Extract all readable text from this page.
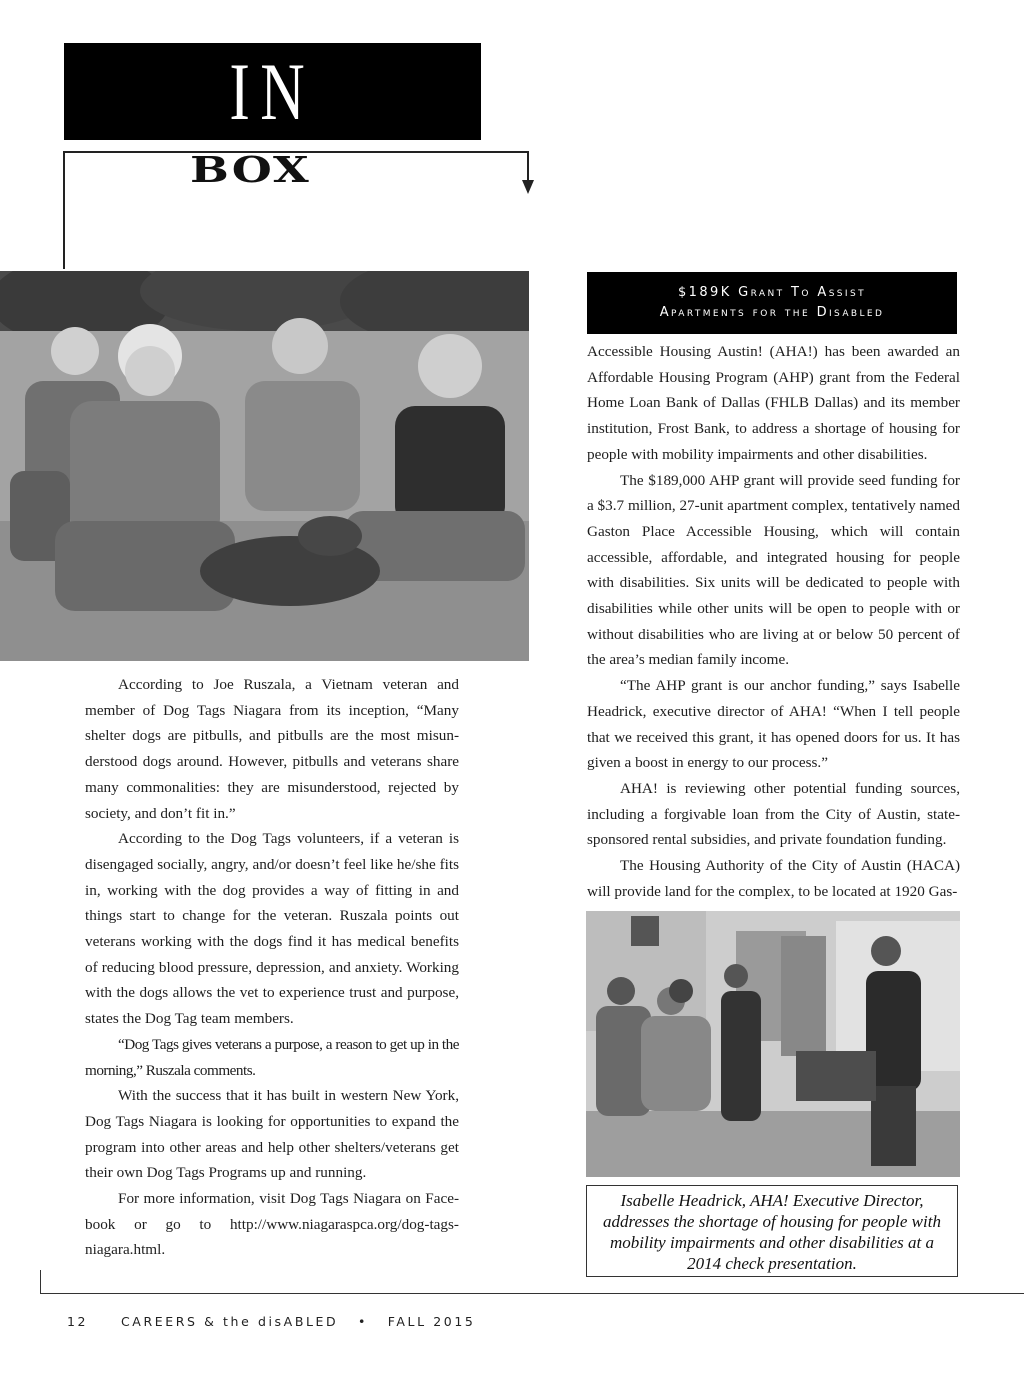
IN
BOX

According to Joe Ruszala, a Vietnam veteran and member of Dog Tags Niagara from its inception, “Many shelter dogs are pitbulls, and pitbulls are the most misunderstood dogs around. However, pitbulls and veterans share many commonalities: they are misunderstood, rejected by society, and don’t fit in.”

According to the Dog Tags volunteers, if a veteran is disengaged socially, angry, and/or doesn’t feel like he/she fits in, working with the dog provides a way of fitting in and things start to change for the veteran. Ruszala points out veterans working with the dogs find it has medical benefits of reducing blood pressure, depression, and anxiety. Working with the dogs allows the vet to experience trust and purpose, states the Dog Tag team members.

“Dog Tags gives veterans a purpose, a reason to get up in the morning,” Ruszala comments.

With the success that it has built in western New York, Dog Tags Niagara is looking for opportunities to expand the program into other areas and help other shelters/veterans get their own Dog Tags Programs up and running.

For more information, visit Dog Tags Niagara on Facebook or go to http://www.niagaraspca.org/dog-tags-niagara.html.

$189K Grant To Assist
Apartments for the Disabled

Accessible Housing Austin! (AHA!) has been awarded an Affordable Housing Program (AHP) grant from the Federal Home Loan Bank of Dallas (FHLB Dallas) and its member institution, Frost Bank, to address a shortage of housing for people with mobility impairments and other disabilities.

The $189,000 AHP grant will provide seed funding for a $3.7 million, 27-unit apartment complex, tentatively named Gaston Place Accessible Housing, which will contain accessible, affordable, and integrated housing for people with disabilities. Six units will be dedicated to people with disabilities while other units will be open to people with or without disabilities who are living at or below 50 percent of the area’s median family income.

“The AHP grant is our anchor funding,” says Isabelle Headrick, executive director of AHA! “When I tell people that we received this grant, it has opened doors for us. It has given a boost in energy to our process.”

AHA! is reviewing other potential funding sources, including a forgivable loan from the City of Austin, state-sponsored rental subsidies, and private foundation funding.

The Housing Authority of the City of Austin (HACA) will provide land for the complex, to be located at 1920 Gas-

Isabelle Headrick, AHA! Executive Director, addresses the shortage of housing for people with mobility impairments and other disabilities at a 2014 check presentation.
12	CAREERS & the disABLED • FALL 2015
